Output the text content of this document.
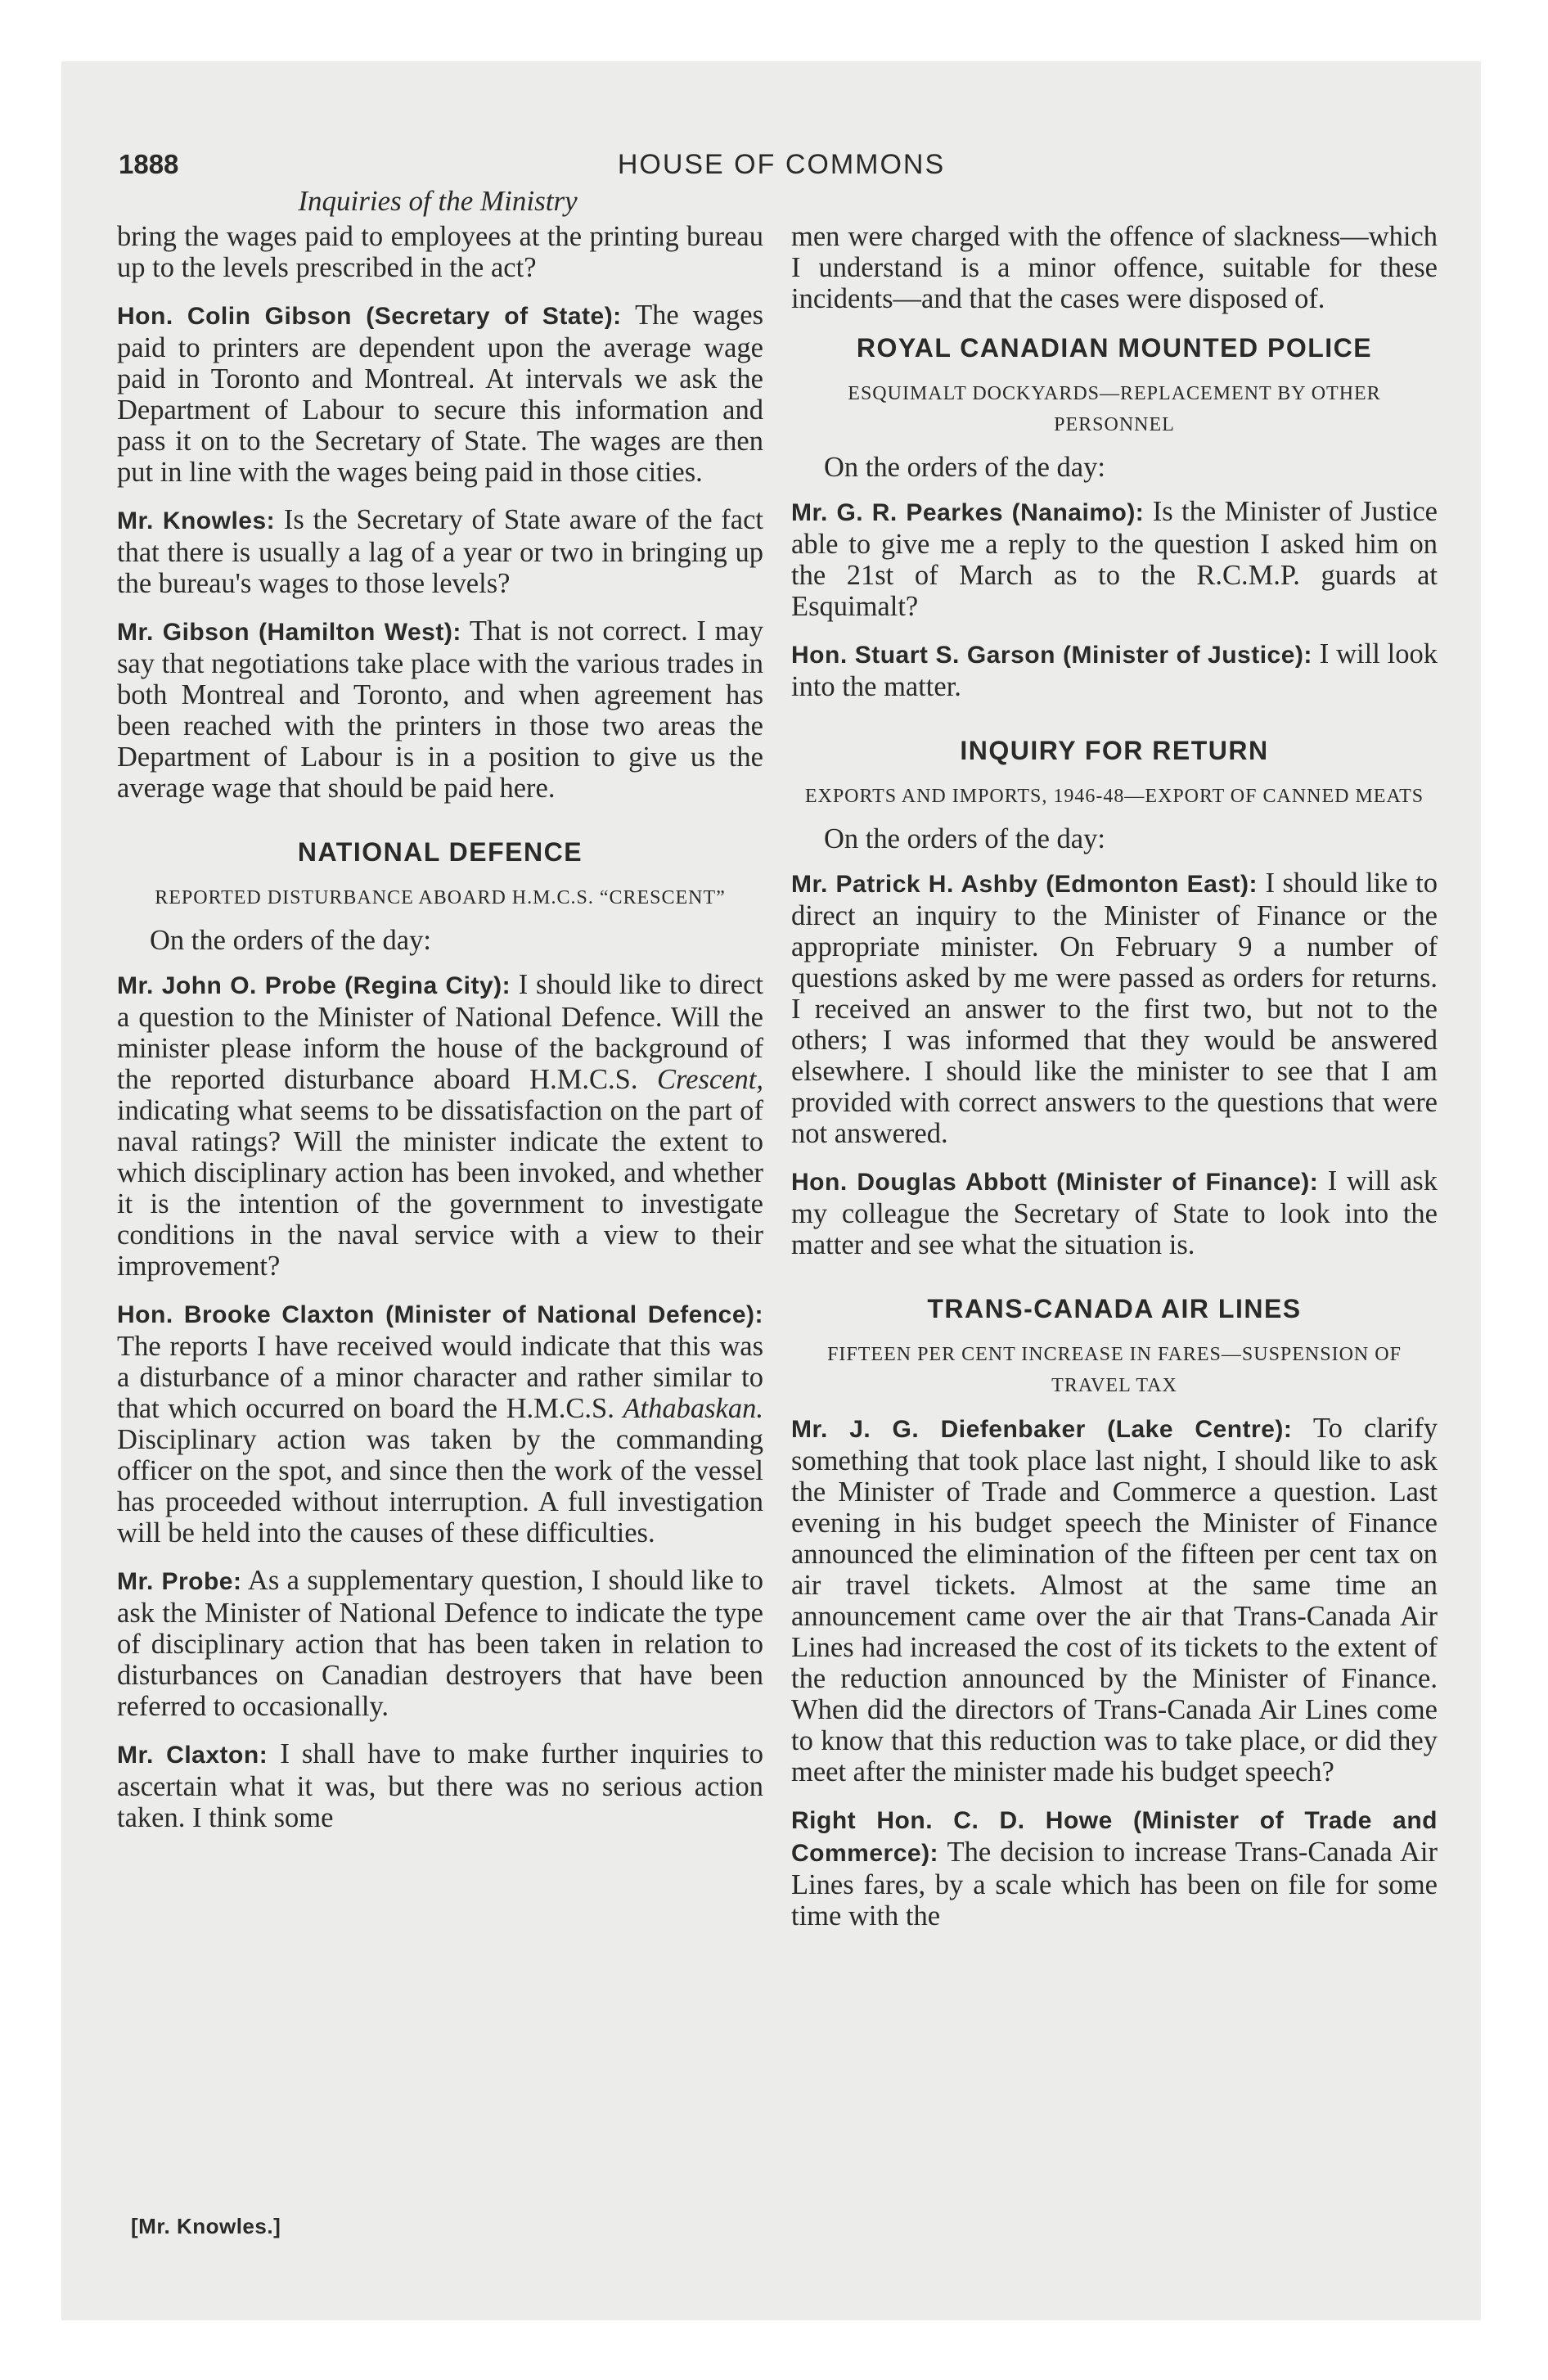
1888	HOUSE OF COMMONS
Inquiries of the Ministry

bring the wages paid to employees at the printing bureau up to the levels prescribed in the act?

Hon. Colin Gibson (Secretary of State): The wages paid to printers are dependent upon the average wage paid in Toronto and Montreal. At intervals we ask the Department of Labour to secure this information and pass it on to the Secretary of State. The wages are then put in line with the wages being paid in those cities.

Mr. Knowles: Is the Secretary of State aware of the fact that there is usually a lag of a year or two in bringing up the bureau's wages to those levels?

Mr. Gibson (Hamilton West): That is not correct. I may say that negotiations take place with the various trades in both Montreal and Toronto, and when agreement has been reached with the printers in those two areas the Department of Labour is in a position to give us the average wage that should be paid here.

NATIONAL DEFENCE
REPORTED DISTURBANCE ABOARD H.M.C.S. “CRESCENT”

On the orders of the day:

Mr. John O. Probe (Regina City): I should like to direct a question to the Minister of National Defence. Will the minister please inform the house of the background of the reported disturbance aboard H.M.C.S. Crescent, indicating what seems to be dissatisfaction on the part of naval ratings? Will the minister indicate the extent to which disciplinary action has been invoked, and whether it is the intention of the government to investigate conditions in the naval service with a view to their improvement?

Hon. Brooke Claxton (Minister of National Defence): The reports I have received would indicate that this was a disturbance of a minor character and rather similar to that which occurred on board the H.M.C.S. Athabaskan. Disciplinary action was taken by the commanding officer on the spot, and since then the work of the vessel has proceeded without interruption. A full investigation will be held into the causes of these difficulties.

Mr. Probe: As a supplementary question, I should like to ask the Minister of National Defence to indicate the type of disciplinary action that has been taken in relation to disturbances on Canadian destroyers that have been referred to occasionally.

Mr. Claxton: I shall have to make further inquiries to ascertain what it was, but there was no serious action taken. I think some

men were charged with the offence of slackness—which I understand is a minor offence, suitable for these incidents—and that the cases were disposed of.

ROYAL CANADIAN MOUNTED POLICE
ESQUIMALT DOCKYARDS—REPLACEMENT BY OTHER PERSONNEL

On the orders of the day:

Mr. G. R. Pearkes (Nanaimo): Is the Minister of Justice able to give me a reply to the question I asked him on the 21st of March as to the R.C.M.P. guards at Esquimalt?

Hon. Stuart S. Garson (Minister of Justice): I will look into the matter.

INQUIRY FOR RETURN
EXPORTS AND IMPORTS, 1946-48—EXPORT OF CANNED MEATS

On the orders of the day:

Mr. Patrick H. Ashby (Edmonton East): I should like to direct an inquiry to the Minister of Finance or the appropriate minister. On February 9 a number of questions asked by me were passed as orders for returns. I received an answer to the first two, but not to the others; I was informed that they would be answered elsewhere. I should like the minister to see that I am provided with correct answers to the questions that were not answered.

Hon. Douglas Abbott (Minister of Finance): I will ask my colleague the Secretary of State to look into the matter and see what the situation is.

TRANS-CANADA AIR LINES
FIFTEEN PER CENT INCREASE IN FARES—SUSPENSION OF TRAVEL TAX

Mr. J. G. Diefenbaker (Lake Centre): To clarify something that took place last night, I should like to ask the Minister of Trade and Commerce a question. Last evening in his budget speech the Minister of Finance announced the elimination of the fifteen per cent tax on air travel tickets. Almost at the same time an announcement came over the air that Trans-Canada Air Lines had increased the cost of its tickets to the extent of the reduction announced by the Minister of Finance. When did the directors of Trans-Canada Air Lines come to know that this reduction was to take place, or did they meet after the minister made his budget speech?

Right Hon. C. D. Howe (Minister of Trade and Commerce): The decision to increase Trans-Canada Air Lines fares, by a scale which has been on file for some time with the

[Mr. Knowles.]
